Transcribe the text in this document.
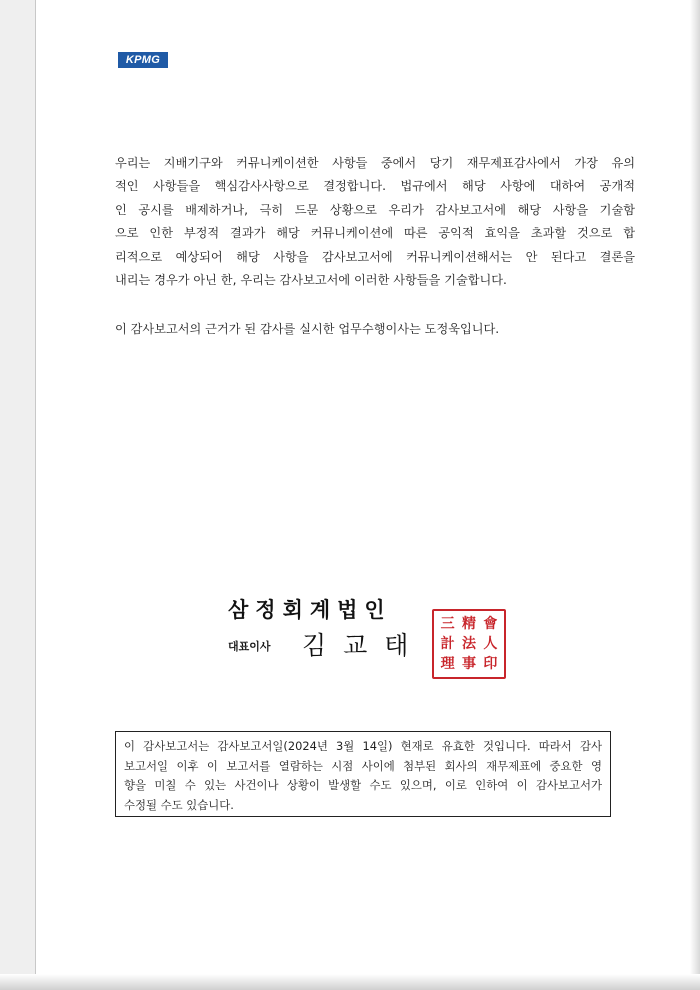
KPMG
우리는 지배기구와 커뮤니케이션한 사항들 중에서 당기 재무제표감사에서 가장 유의
적인 사항들을 핵심감사사항으로 결정합니다. 법규에서 해당 사항에 대하여 공개적
인 공시를 배제하거나, 극히 드문 상황으로 우리가 감사보고서에 해당 사항을 기술함
으로 인한 부정적 결과가 해당 커뮤니케이션에 따른 공익적 효익을 초과할 것으로 합
리적으로 예상되어 해당 사항을 감사보고서에 커뮤니케이션해서는 안 된다고 결론을
내리는 경우가 아닌 한, 우리는 감사보고서에 이러한 사항들을 기술합니다.
이 감사보고서의 근거가 된 감사를 실시한 업무수행이사는 도정욱입니다.
삼정회계법인
대표이사 김교태
三 精 會
計 法 人
理 事 印
이 감사보고서는 감사보고서일(2024년 3월 14일) 현재로 유효한 것입니다. 따라서 감사
보고서일 이후 이 보고서를 열람하는 시점 사이에 첨부된 회사의 재무제표에 중요한 영
향을 미칠 수 있는 사건이나 상황이 발생할 수도 있으며, 이로 인하여 이 감사보고서가
수정될 수도 있습니다.
